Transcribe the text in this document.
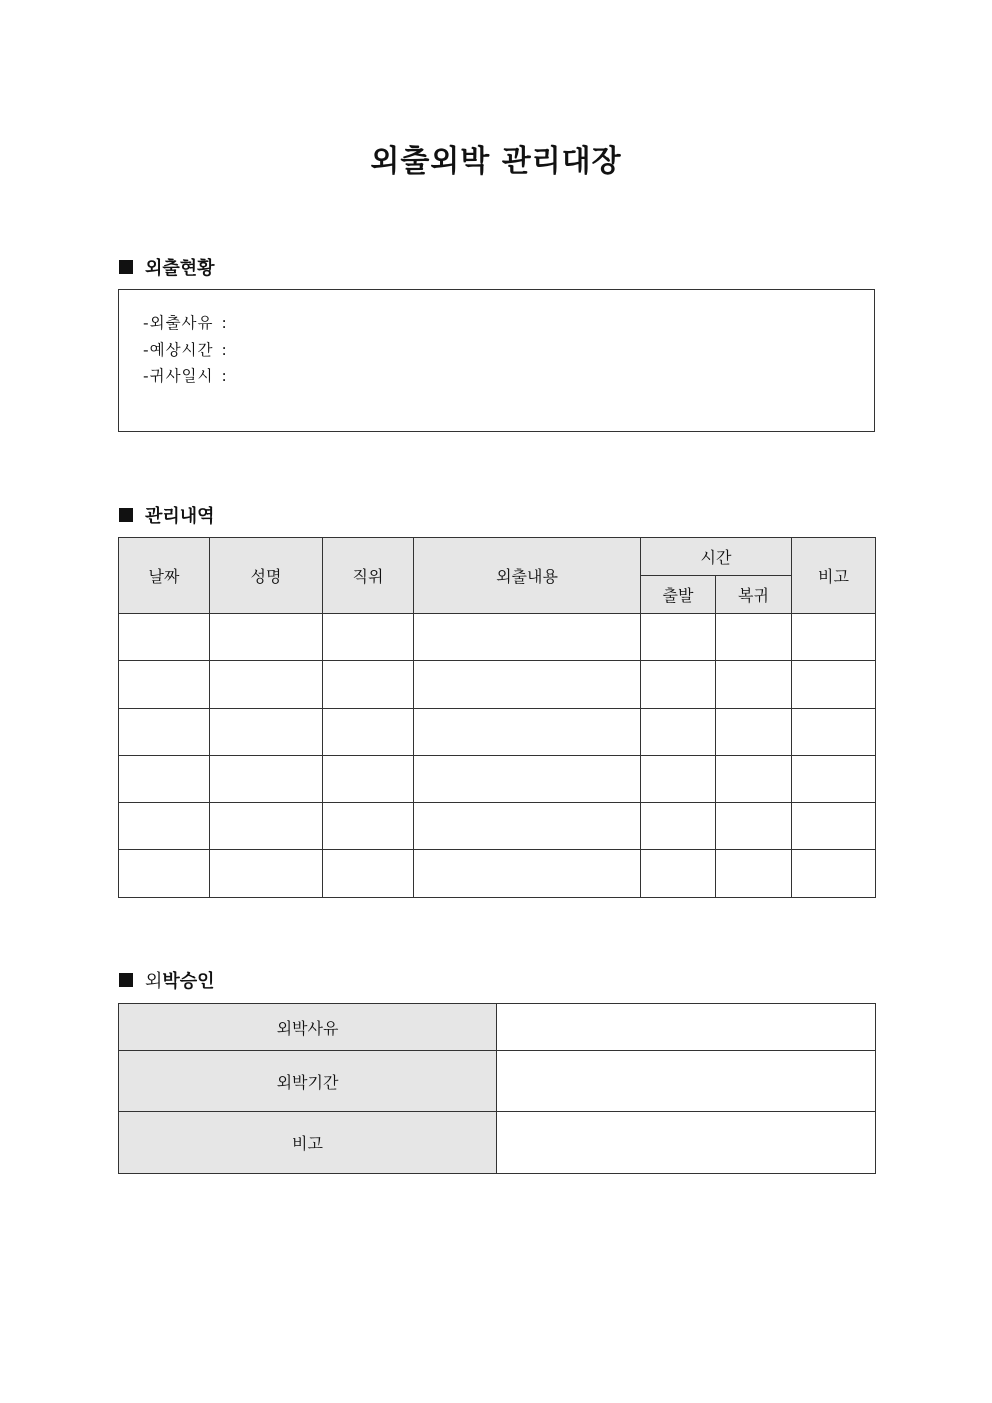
외출외박 관리대장
외출현황
-외출사유 :
-예상시간 :
-귀사일시 :
관리내역
날짜	성명	직위	외출내용	시간		비고
				출발	복귀	

외 박승인
외박사유	
외박기간	
비고	
